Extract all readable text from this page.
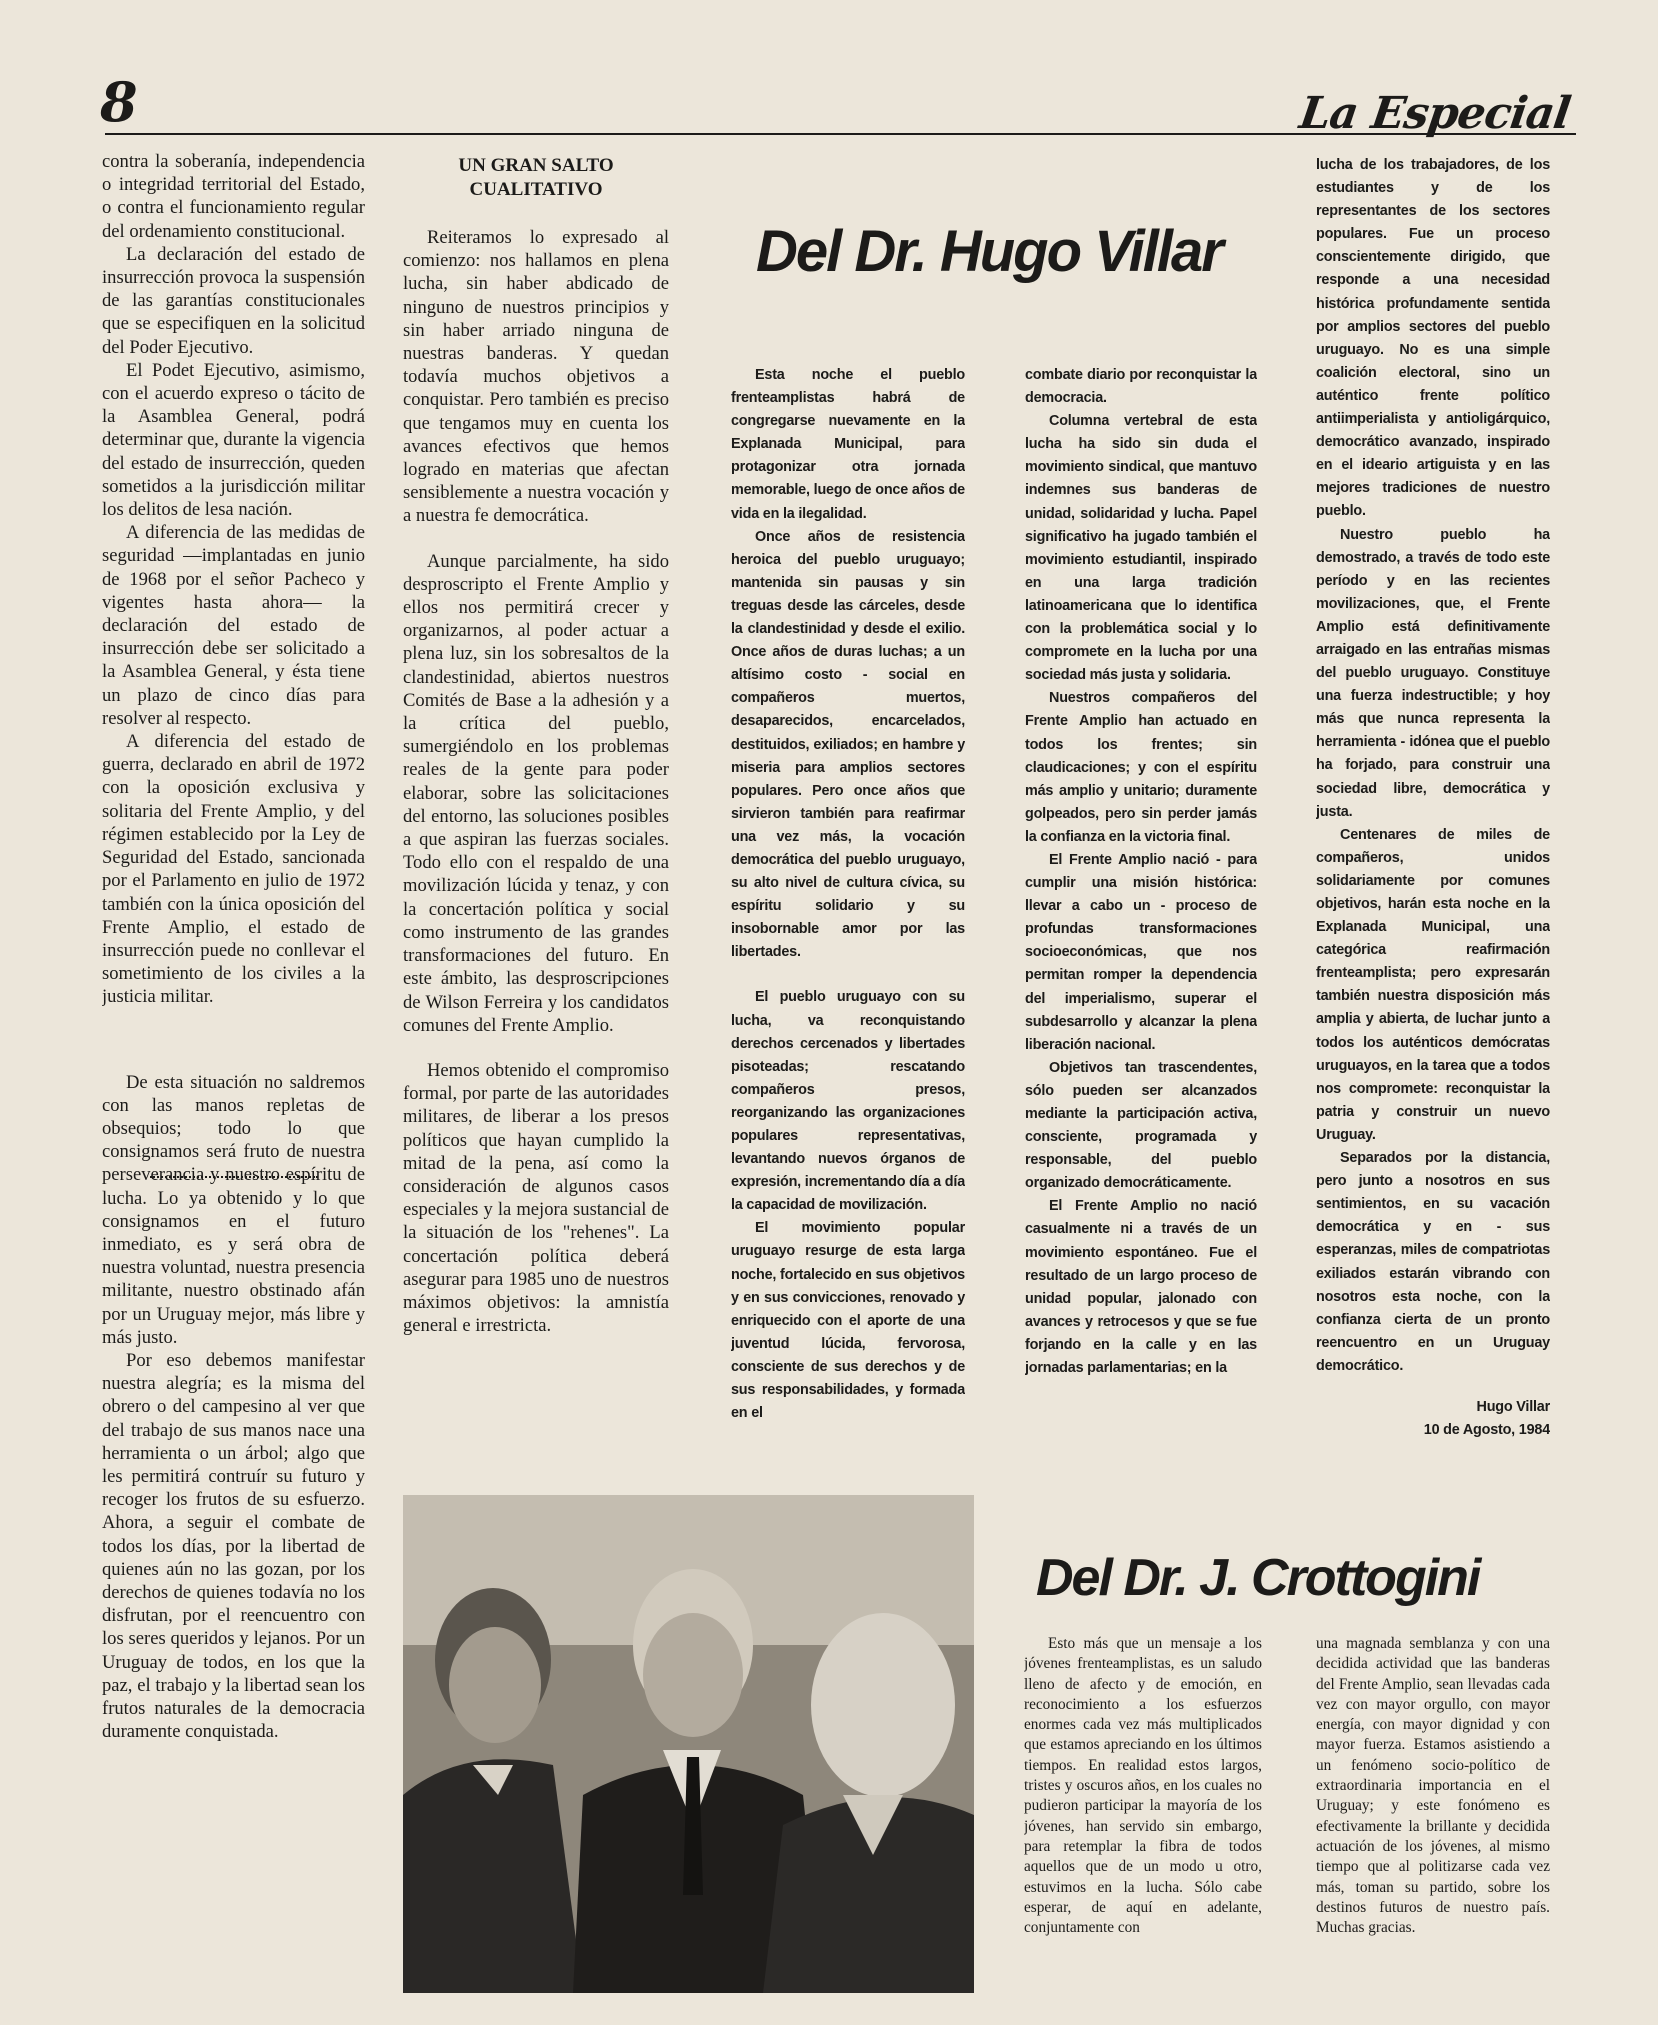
8	La Especial

contra la soberanía, independencia o integridad territorial del Estado, o contra el funcionamiento regular del ordenamiento constitucional.

La declaración del estado de insurrección provoca la suspensión de las garantías constitucionales que se especifiquen en la solicitud del Poder Ejecutivo.

El Podet Ejecutivo, asimismo, con el acuerdo expreso o tácito de la Asamblea General, podrá determinar que, durante la vigencia del estado de insurrección, queden sometidos a la jurisdicción militar los delitos de lesa nación.

A diferencia de las medidas de seguridad —implantadas en junio de 1968 por el señor Pacheco y vigentes hasta ahora— la declaración del estado de insurrección debe ser solicitado a la Asamblea General, y ésta tiene un plazo de cinco días para resolver al respecto.

A diferencia del estado de guerra, declarado en abril de 1972 con la oposición exclusiva y solitaria del Frente Amplio, y del régimen establecido por la Ley de Seguridad del Estado, sancionada por el Parlamento en julio de 1972 también con la única oposición del Frente Amplio, el estado de insurrección puede no conllevar el sometimiento de los civiles a la justicia militar.

De esta situación no saldremos con las manos repletas de obsequios; todo lo que consignamos será fruto de nuestra perseverancia y nuestro espíritu de lucha. Lo ya obtenido y lo que consignamos en el futuro inmediato, es y será obra de nuestra voluntad, nuestra presencia militante, nuestro obstinado afán por un Uruguay mejor, más libre y más justo.

Por eso debemos manifestar nuestra alegría; es la misma del obrero o del campesino al ver que del trabajo de sus manos nace una herramienta o un árbol; algo que les permitirá contruír su futuro y recoger los frutos de su esfuerzo. Ahora, a seguir el combate de todos los días, por la libertad de quienes aún no las gozan, por los derechos de quienes todavía no los disfrutan, por el reencuentro con los seres queridos y lejanos. Por un Uruguay de todos, en los que la paz, el trabajo y la libertad sean los frutos naturales de la democracia duramente conquistada.

UN GRAN SALTO CUALITATIVO

Reiteramos lo expresado al comienzo: nos hallamos en plena lucha, sin haber abdicado de ninguno de nuestros principios y sin haber arriado ninguna de nuestras banderas. Y quedan todavía muchos objetivos a conquistar. Pero también es preciso que tengamos muy en cuenta los avances efectivos que hemos logrado en materias que afectan sensiblemente a nuestra vocación y a nuestra fe democrática.

Aunque parcialmente, ha sido desproscripto el Frente Amplio y ellos nos permitirá crecer y organizarnos, al poder actuar a plena luz, sin los sobresaltos de la clandestinidad, abiertos nuestros Comités de Base a la adhesión y a la crítica del pueblo, sumergiéndolo en los problemas reales de la gente para poder elaborar, sobre las solicitaciones del entorno, las soluciones posibles a que aspiran las fuerzas sociales. Todo ello con el respaldo de una movilización lúcida y tenaz, y con la concertación política y social como instrumento de las grandes transformaciones del futuro. En este ámbito, las desproscripciones de Wilson Ferreira y los candidatos comunes del Frente Amplio.

Hemos obtenido el compromiso formal, por parte de las autoridades militares, de liberar a los presos políticos que hayan cumplido la mitad de la pena, así como la consideración de algunos casos especiales y la mejora sustancial de la situación de los "rehenes". La concertación política deberá asegurar para 1985 uno de nuestros máximos objetivos: la amnistía general e irrestricta.

Del Dr. Hugo Villar

Esta noche el pueblo frenteamplistas habrá de congregarse nuevamente en la Explanada Municipal, para protagonizar otra jornada memorable, luego de once años de vida en la ilegalidad.

Once años de resistencia heroica del pueblo uruguayo; mantenida sin pausas y sin treguas desde las cárceles, desde la clandestinidad y desde el exilio. Once años de duras luchas; a un altísimo costo - social en compañeros muertos, desaparecidos, encarcelados, destituidos, exiliados; en hambre y miseria para amplios sectores populares. Pero once años que sirvieron también para reafirmar una vez más, la vocación democrática del pueblo uruguayo, su alto nivel de cultura cívica, su espíritu solidario y su insobornable amor por las libertades.

El pueblo uruguayo con su lucha, va reconquistando derechos cercenados y libertades pisoteadas; rescatando compañeros presos, reorganizando las organizaciones populares representativas, levantando nuevos órganos de expresión, incrementando día a día la capacidad de movilización.

El movimiento popular uruguayo resurge de esta larga noche, fortalecido en sus objetivos y en sus convicciones, renovado y enriquecido con el aporte de una juventud lúcida, fervorosa, consciente de sus derechos y de sus responsabilidades, y formada en el

combate diario por reconquistar la democracia.

Columna vertebral de esta lucha ha sido sin duda el movimiento sindical, que mantuvo indemnes sus banderas de unidad, solidaridad y lucha. Papel significativo ha jugado también el movimiento estudiantil, inspirado en una larga tradición latinoamericana que lo identifica con la problemática social y lo compromete en la lucha por una sociedad más justa y solidaria.

Nuestros compañeros del Frente Amplio han actuado en todos los frentes; sin claudicaciones; y con el espíritu más amplio y unitario; duramente golpeados, pero sin perder jamás la confianza en la victoria final.

El Frente Amplio nació - para cumplir una misión histórica: llevar a cabo un - proceso de profundas transformaciones socioeconómicas, que nos permitan romper la dependencia del imperialismo, superar el subdesarrollo y alcanzar la plena liberación nacional.

Objetivos tan trascendentes, sólo pueden ser alcanzados mediante la participación activa, consciente, programada y responsable, del pueblo organizado democráticamente.

El Frente Amplio no nació casualmente ni a través de un movimiento espontáneo. Fue el resultado de un largo proceso de unidad popular, jalonado con avances y retrocesos y que se fue forjando en la calle y en las jornadas parlamentarias; en la

lucha de los trabajadores, de los estudiantes y de los representantes de los sectores populares. Fue un proceso conscientemente dirigido, que responde a una necesidad histórica profundamente sentida por amplios sectores del pueblo uruguayo. No es una simple coalición electoral, sino un auténtico frente político antiimperialista y antioligárquico, democrático avanzado, inspirado en el ideario artiguista y en las mejores tradiciones de nuestro pueblo.

Nuestro pueblo ha demostrado, a través de todo este período y en las recientes movilizaciones, que, el Frente Amplio está definitivamente arraigado en las entrañas mismas del pueblo uruguayo. Constituye una fuerza indestructible; y hoy más que nunca representa la herramienta - idónea que el pueblo ha forjado, para construir una sociedad libre, democrática y justa.

Centenares de miles de compañeros, unidos solidariamente por comunes objetivos, harán esta noche en la Explanada Municipal, una categórica reafirmación frenteamplista; pero expresarán también nuestra disposición más amplia y abierta, de luchar junto a todos los auténticos demócratas uruguayos, en la tarea que a todos nos compromete: reconquistar la patria y construir un nuevo Uruguay.

Separados por la distancia, pero junto a nosotros en sus sentimientos, en su vacación democrática y en - sus esperanzas, miles de compatriotas exiliados estarán vibrando con nosotros esta noche, con la confianza cierta de un pronto reencuentro en un Uruguay democrático.

Hugo Villar
10 de Agosto, 1984
Del Dr. J. Crottogini

Esto más que un mensaje a los jóvenes frenteamplistas, es un saludo lleno de afecto y de emoción, en reconocimiento a los esfuerzos enormes cada vez más multiplicados que estamos apreciando en los últimos tiempos. En realidad estos largos, tristes y oscuros años, en los cuales no pudieron participar la mayoría de los jóvenes, han servido sin embargo, para retemplar la fibra de todos aquellos que de un modo u otro, estuvimos en la lucha. Sólo cabe esperar, de aquí en adelante, conjuntamente con

una magnada semblanza y con una decidida actividad que las banderas del Frente Amplio, sean llevadas cada vez con mayor orgullo, con mayor energía, con mayor dignidad y con mayor fuerza. Estamos asistiendo a un fenómeno socio-político de extraordinaria importancia en el Uruguay; y este fonómeno es efectivamente la brillante y decidida actuación de los jóvenes, al mismo tiempo que al politizarse cada vez más, toman su partido, sobre los destinos futuros de nuestro país. Muchas gracias.
